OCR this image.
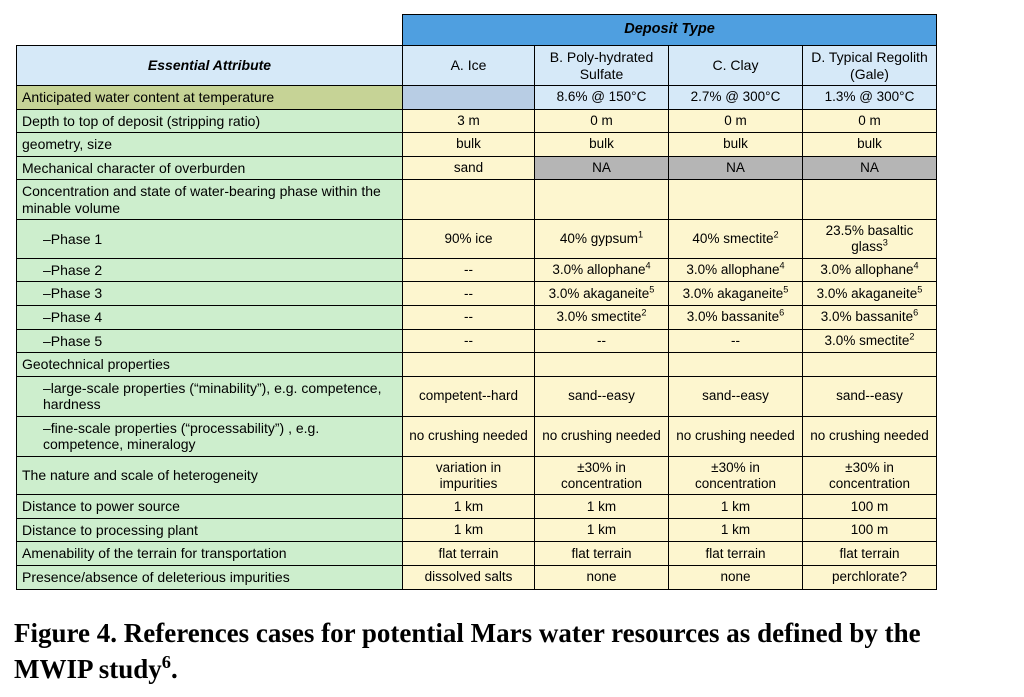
	Deposit Type			
Essential Attribute	A. Ice	B. Poly-hydrated Sulfate	C. Clay	D. Typical Regolith (Gale)
Anticipated water content at temperature		8.6% @ 150°C	2.7% @ 300°C	1.3% @ 300°C
Depth to top of deposit (stripping ratio)	3 m	0 m	0 m	0 m
geometry, size	bulk	bulk	bulk	bulk
Mechanical character of overburden	sand	NA	NA	NA
Concentration and state of water-bearing phase within the minable volume				
–Phase 1	90% ice	40% gypsum$^1$	40% smectite$^2$	23.5% basaltic glass$^3$
–Phase 2	--	3.0% allophane$^4$	3.0% allophane$^4$	3.0% allophane$^4$
–Phase 3	--	3.0% akaganeite$^5$	3.0% akaganeite$^5$	3.0% akaganeite$^5$
–Phase 4	--	3.0% smectite$^2$	3.0% bassanite$^6$	3.0% bassanite$^6$
–Phase 5	--	--	--	3.0% smectite$^2$
Geotechnical properties				
–large-scale properties (“minability”), e.g. competence, hardness	competent--hard	sand--easy	sand--easy	sand--easy
–fine-scale properties (“processability”) , e.g. competence, mineralogy	no crushing needed	no crushing needed	no crushing needed	no crushing needed
The nature and scale of heterogeneity	variation in impurities	±30% in concentration	±30% in concentration	±30% in concentration
Distance to power source	1 km	1 km	1 km	100 m
Distance to processing plant	1 km	1 km	1 km	100 m
Amenability of the terrain for transportation	flat terrain	flat terrain	flat terrain	flat terrain
Presence/absence of deleterious impurities	dissolved salts	none	none	perchlorate?
Figure 4. References cases for potential Mars water resources as defined by the MWIP study$^6$.
